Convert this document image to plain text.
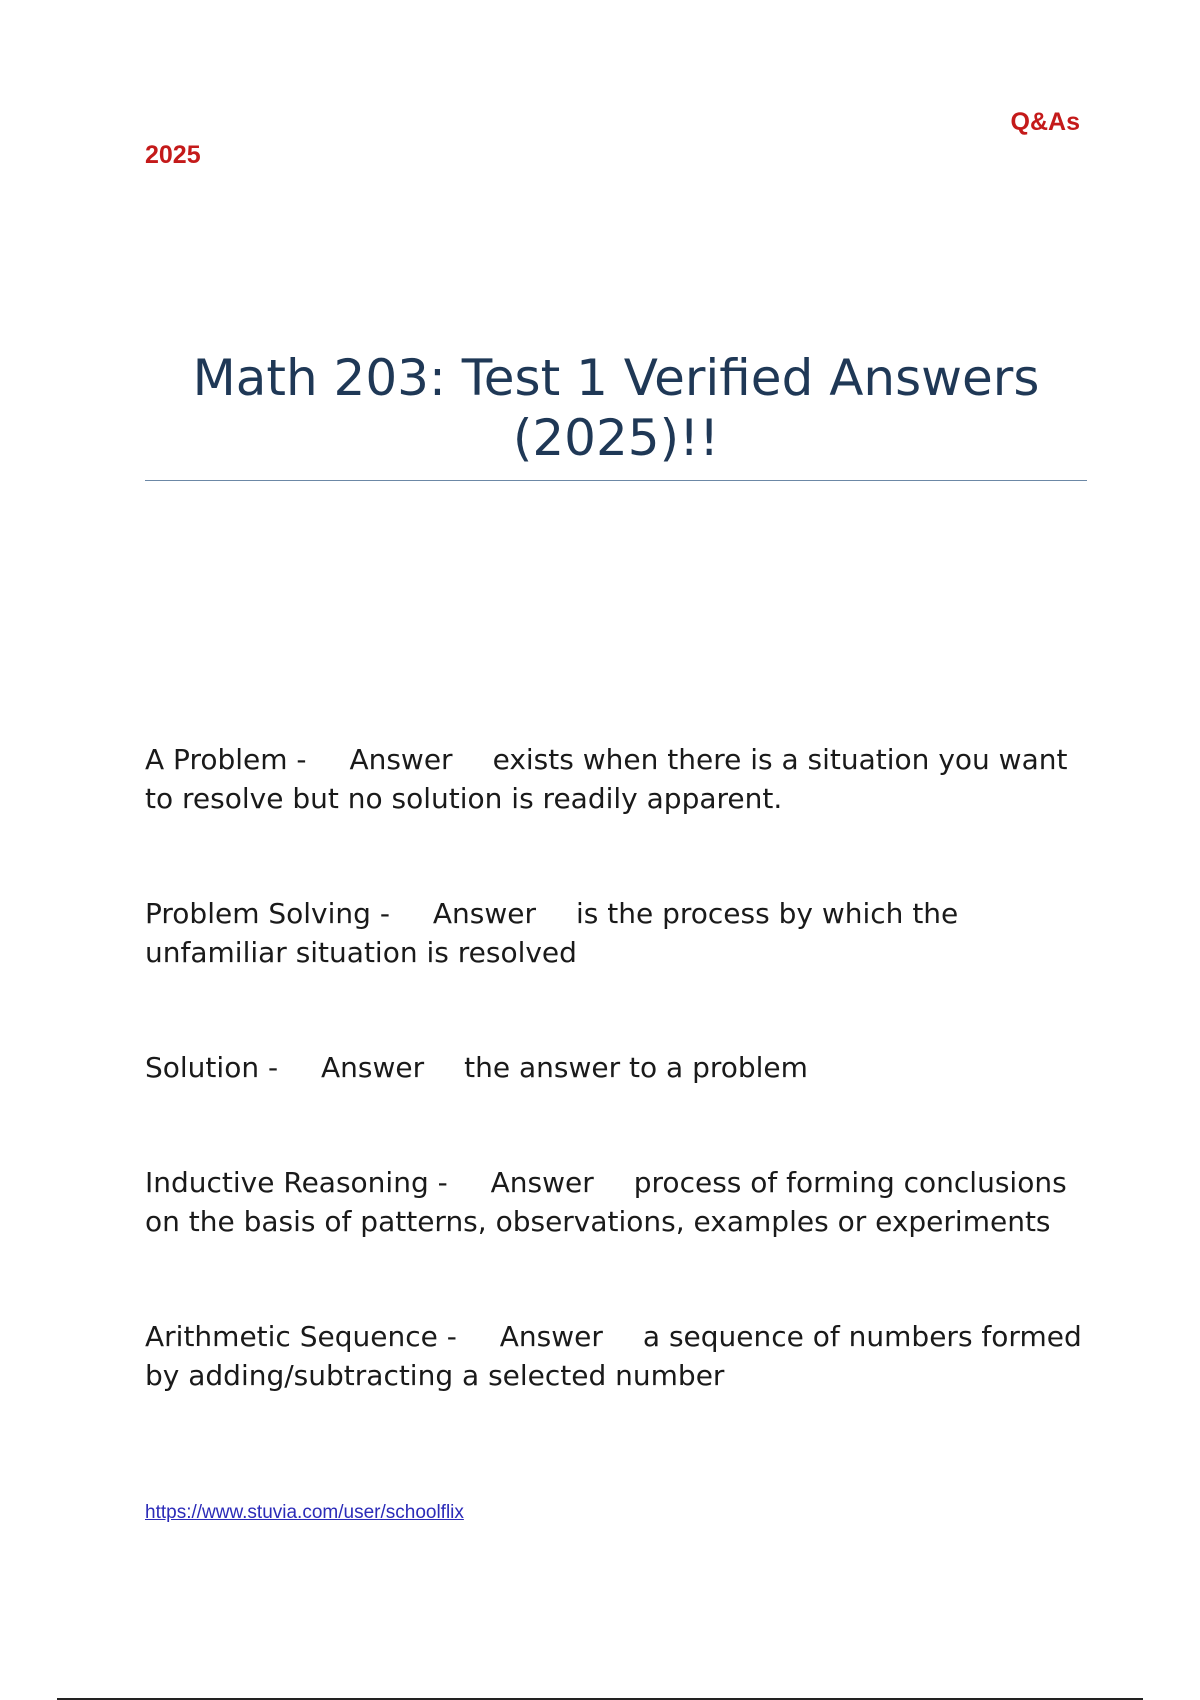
2025
Q&As

Math 203: Test 1 Verified Answers

(2025)!!

A Problem - Answer exists when there is a situation you want to resolve but no solution is readily apparent.

Problem Solving - Answer is the process by which the unfamiliar situation is resolved

Solution - Answer the answer to a problem

Inductive Reasoning - Answer process of forming conclusions on the basis of patterns, observations, examples or experiments

Arithmetic Sequence - Answer a sequence of numbers formed by adding/subtracting a selected number

https://www.stuvia.com/user/schoolflix
